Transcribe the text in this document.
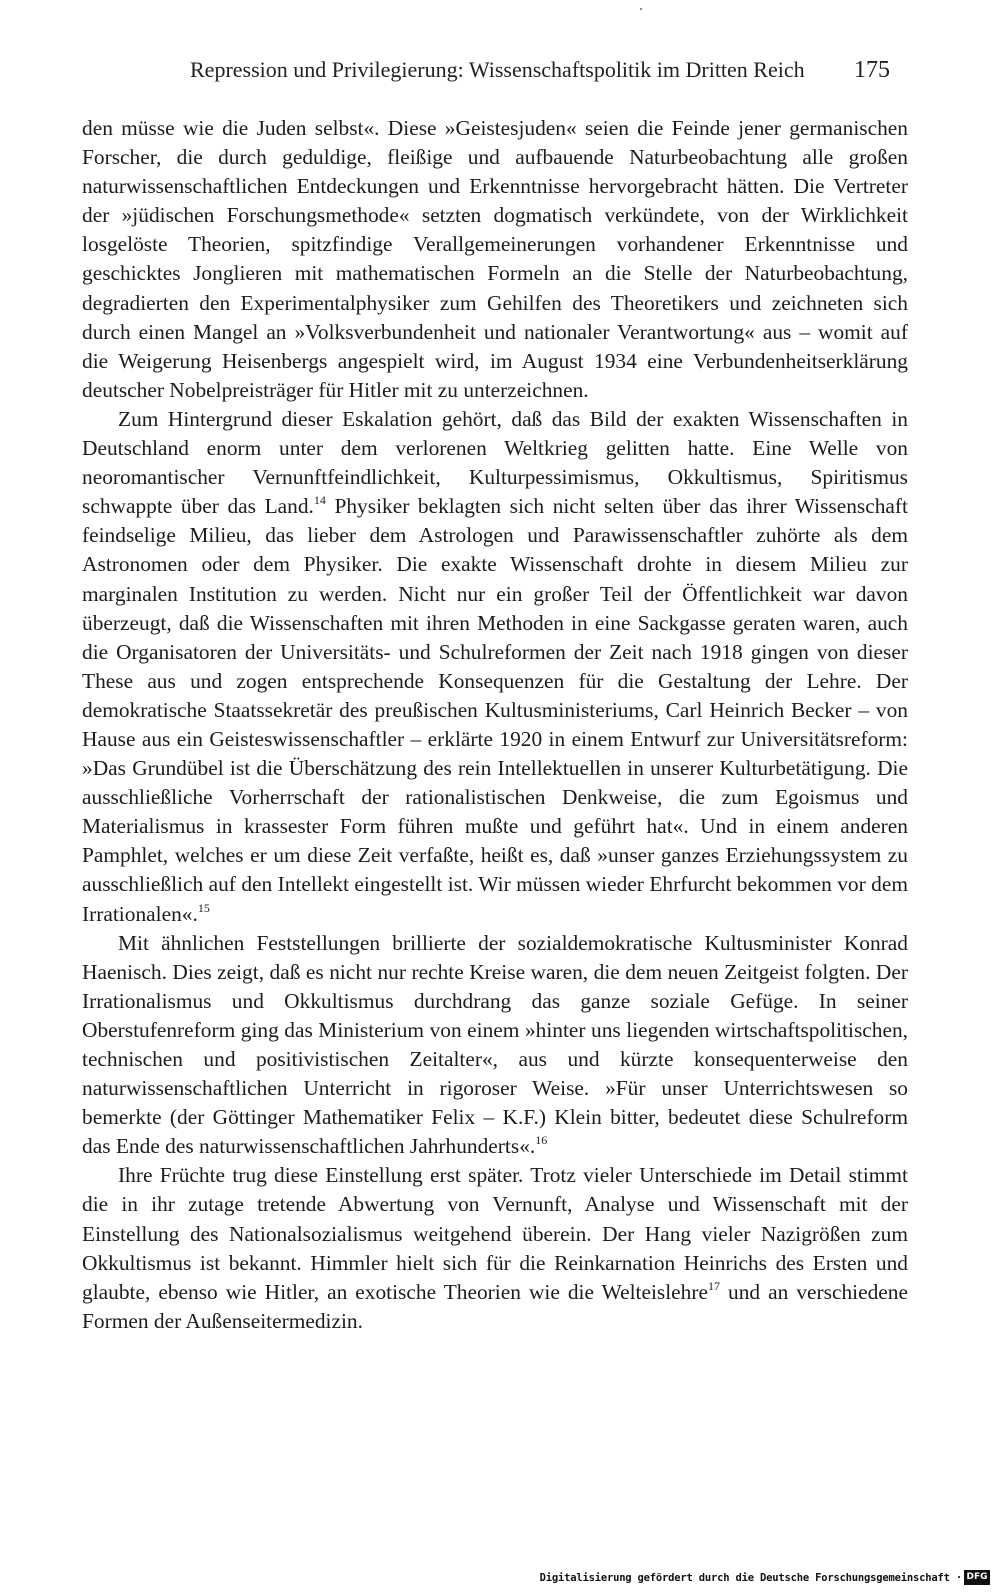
Repression und Privilegierung: Wissenschaftspolitik im Dritten Reich 175

den müsse wie die Juden selbst«. Diese »Geistesjuden« seien die Feinde jener germanischen Forscher, die durch geduldige, fleißige und aufbauende Naturbeobachtung alle großen naturwissenschaftlichen Entdeckungen und Erkenntnisse hervorgebracht hätten. Die Vertreter der »jüdischen Forschungsmethode« setzten dogmatisch verkündete, von der Wirklichkeit losgelöste Theorien, spitzfindige Verallgemeinerungen vorhandener Erkenntnisse und geschicktes Jonglieren mit mathematischen Formeln an die Stelle der Naturbeobachtung, degradierten den Experimentalphysiker zum Gehilfen des Theoretikers und zeichneten sich durch einen Mangel an »Volksverbundenheit und nationaler Verantwortung« aus – womit auf die Weigerung Heisenbergs angespielt wird, im August 1934 eine Verbundenheitserklärung deutscher Nobelpreisträger für Hitler mit zu unterzeichnen.

Zum Hintergrund dieser Eskalation gehört, daß das Bild der exakten Wissenschaften in Deutschland enorm unter dem verlorenen Weltkrieg gelitten hatte. Eine Welle von neoromantischer Vernunftfeindlichkeit, Kulturpessimismus, Okkultismus, Spiritismus schwappte über das Land.$^{14}$ Physiker beklagten sich nicht selten über das ihrer Wissenschaft feindselige Milieu, das lieber dem Astrologen und Parawissenschaftler zuhörte als dem Astronomen oder dem Physiker. Die exakte Wissenschaft drohte in diesem Milieu zur marginalen Institution zu werden. Nicht nur ein großer Teil der Öffentlichkeit war davon überzeugt, daß die Wissenschaften mit ihren Methoden in eine Sackgasse geraten waren, auch die Organisatoren der Universitäts- und Schulreformen der Zeit nach 1918 gingen von dieser These aus und zogen entsprechende Konsequenzen für die Gestaltung der Lehre. Der demokratische Staatssekretär des preußischen Kultusministeriums, Carl Heinrich Becker – von Hause aus ein Geisteswissenschaftler – erklärte 1920 in einem Entwurf zur Universitätsreform: »Das Grundübel ist die Überschätzung des rein Intellektuellen in unserer Kulturbetätigung. Die ausschließliche Vorherrschaft der rationalistischen Denkweise, die zum Egoismus und Materialismus in krassester Form führen mußte und geführt hat«. Und in einem anderen Pamphlet, welches er um diese Zeit verfaßte, heißt es, daß »unser ganzes Erziehungssystem zu ausschließlich auf den Intellekt eingestellt ist. Wir müssen wieder Ehrfurcht bekommen vor dem Irrationalen«.$^{15}$

Mit ähnlichen Feststellungen brillierte der sozialdemokratische Kultusminister Konrad Haenisch. Dies zeigt, daß es nicht nur rechte Kreise waren, die dem neuen Zeitgeist folgten. Der Irrationalismus und Okkultismus durchdrang das ganze soziale Gefüge. In seiner Oberstufenreform ging das Ministerium von einem »hinter uns liegenden wirtschaftspolitischen, technischen und positivistischen Zeitalter«, aus und kürzte konsequenterweise den naturwissenschaftlichen Unterricht in rigoroser Weise. »Für unser Unterrichtswesen so bemerkte (der Göttinger Mathematiker Felix – K.F.) Klein bitter, bedeutet diese Schulreform das Ende des naturwissenschaftlichen Jahrhunderts«.$^{16}$

Ihre Früchte trug diese Einstellung erst später. Trotz vieler Unterschiede im Detail stimmt die in ihr zutage tretende Abwertung von Vernunft, Analyse und Wissenschaft mit der Einstellung des Nationalsozialismus weitgehend überein. Der Hang vieler Nazigrößen zum Okkultismus ist bekannt. Himmler hielt sich für die Reinkarnation Heinrichs des Ersten und glaubte, ebenso wie Hitler, an exotische Theorien wie die Welteislehre$^{17}$ und an verschiedene Formen der Außenseitermedizin.

Digitalisierung gefördert durch die Deutsche Forschungsgemeinschaft · DFG
